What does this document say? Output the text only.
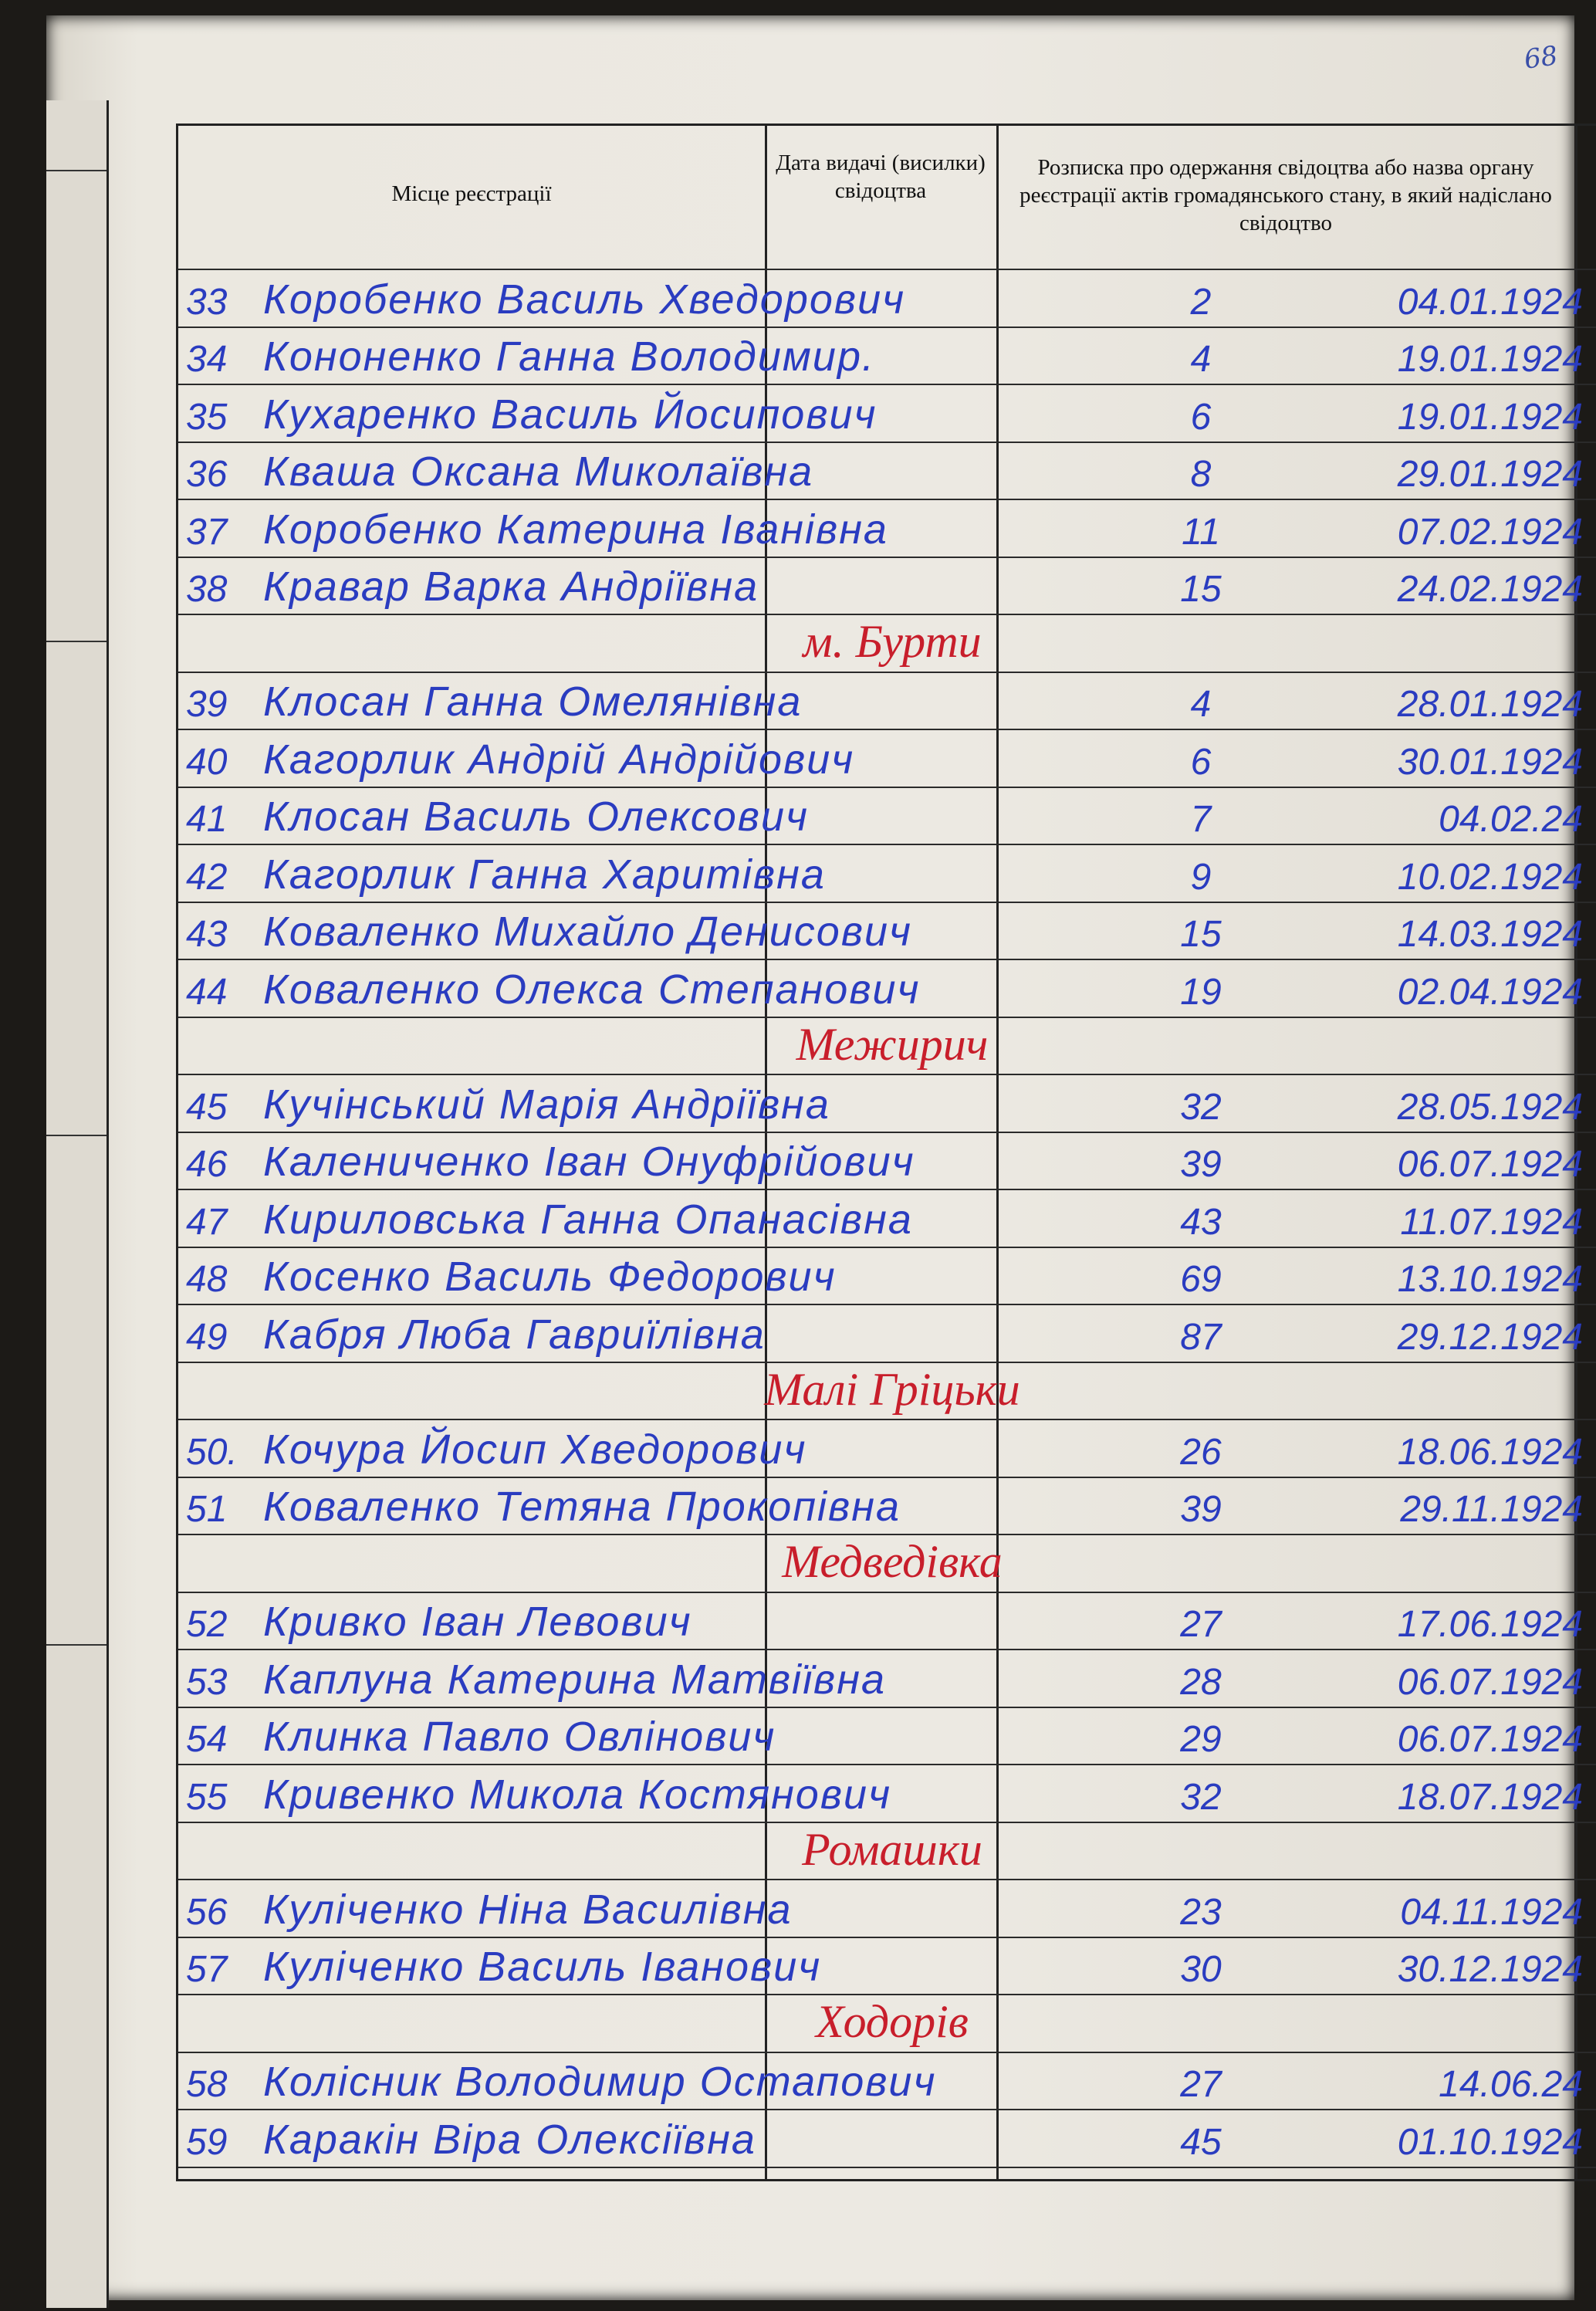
68
Місце реєстрації
Дата видачі (висилки) свідоцтва
Розписка про одержання свідоцтва або назва органу реєстрації актів громадянського стану, в який надіслано свідоцтво
33 Коробенко Василь Хведорович	2	04.01.1924
34 Кононенко Ганна Володимир.	4	19.01.1924
35 Кухаренко Василь Йосипович	6	19.01.1924
36 Кваша Оксана Миколаївна	8	29.01.1924
37 Коробенко Катерина Іванівна	11	07.02.1924
38 Кравар Варка Андріївна	15	24.02.1924
м. Бурти
39 Клосан Ганна Омелянівна	4	28.01.1924
40 Кагорлик Андрій Андрійович	6	30.01.1924
41 Клосан Василь Олексович	7	04.02.24
42 Кагорлик Ганна Харитівна	9	10.02.1924
43 Коваленко Михайло Денисович	15	14.03.1924
44 Коваленко Олекса Степанович	19	02.04.1924
Межирич
45 Кучінський Марія Андріївна	32	28.05.1924
46 Калениченко Іван Онуфрійович	39	06.07.1924
47 Кириловська Ганна Опанасівна	43	11.07.1924
48 Косенко Василь Федорович	69	13.10.1924
49 Кабря Люба Гавриїлівна	87	29.12.1924
Малі Гріцьки
50. Кочура Йосип Хведорович	26	18.06.1924
51 Коваленко Тетяна Прокопівна	39	29.11.1924
Медведівка
52 Кривко Іван Левович	27	17.06.1924
53 Каплуна Катерина Матвіївна	28	06.07.1924
54 Клинка Павло Овлінович	29	06.07.1924
55 Кривенко Микола Костянович	32	18.07.1924
Ромашки
56 Куліченко Ніна Василівна	23	04.11.1924
57 Куліченко Василь Іванович	30	30.12.1924
Ходорів
58 Колісник Володимир Остапович	27	14.06.24
59 Каракін Віра Олексіївна	45	01.10.1924
